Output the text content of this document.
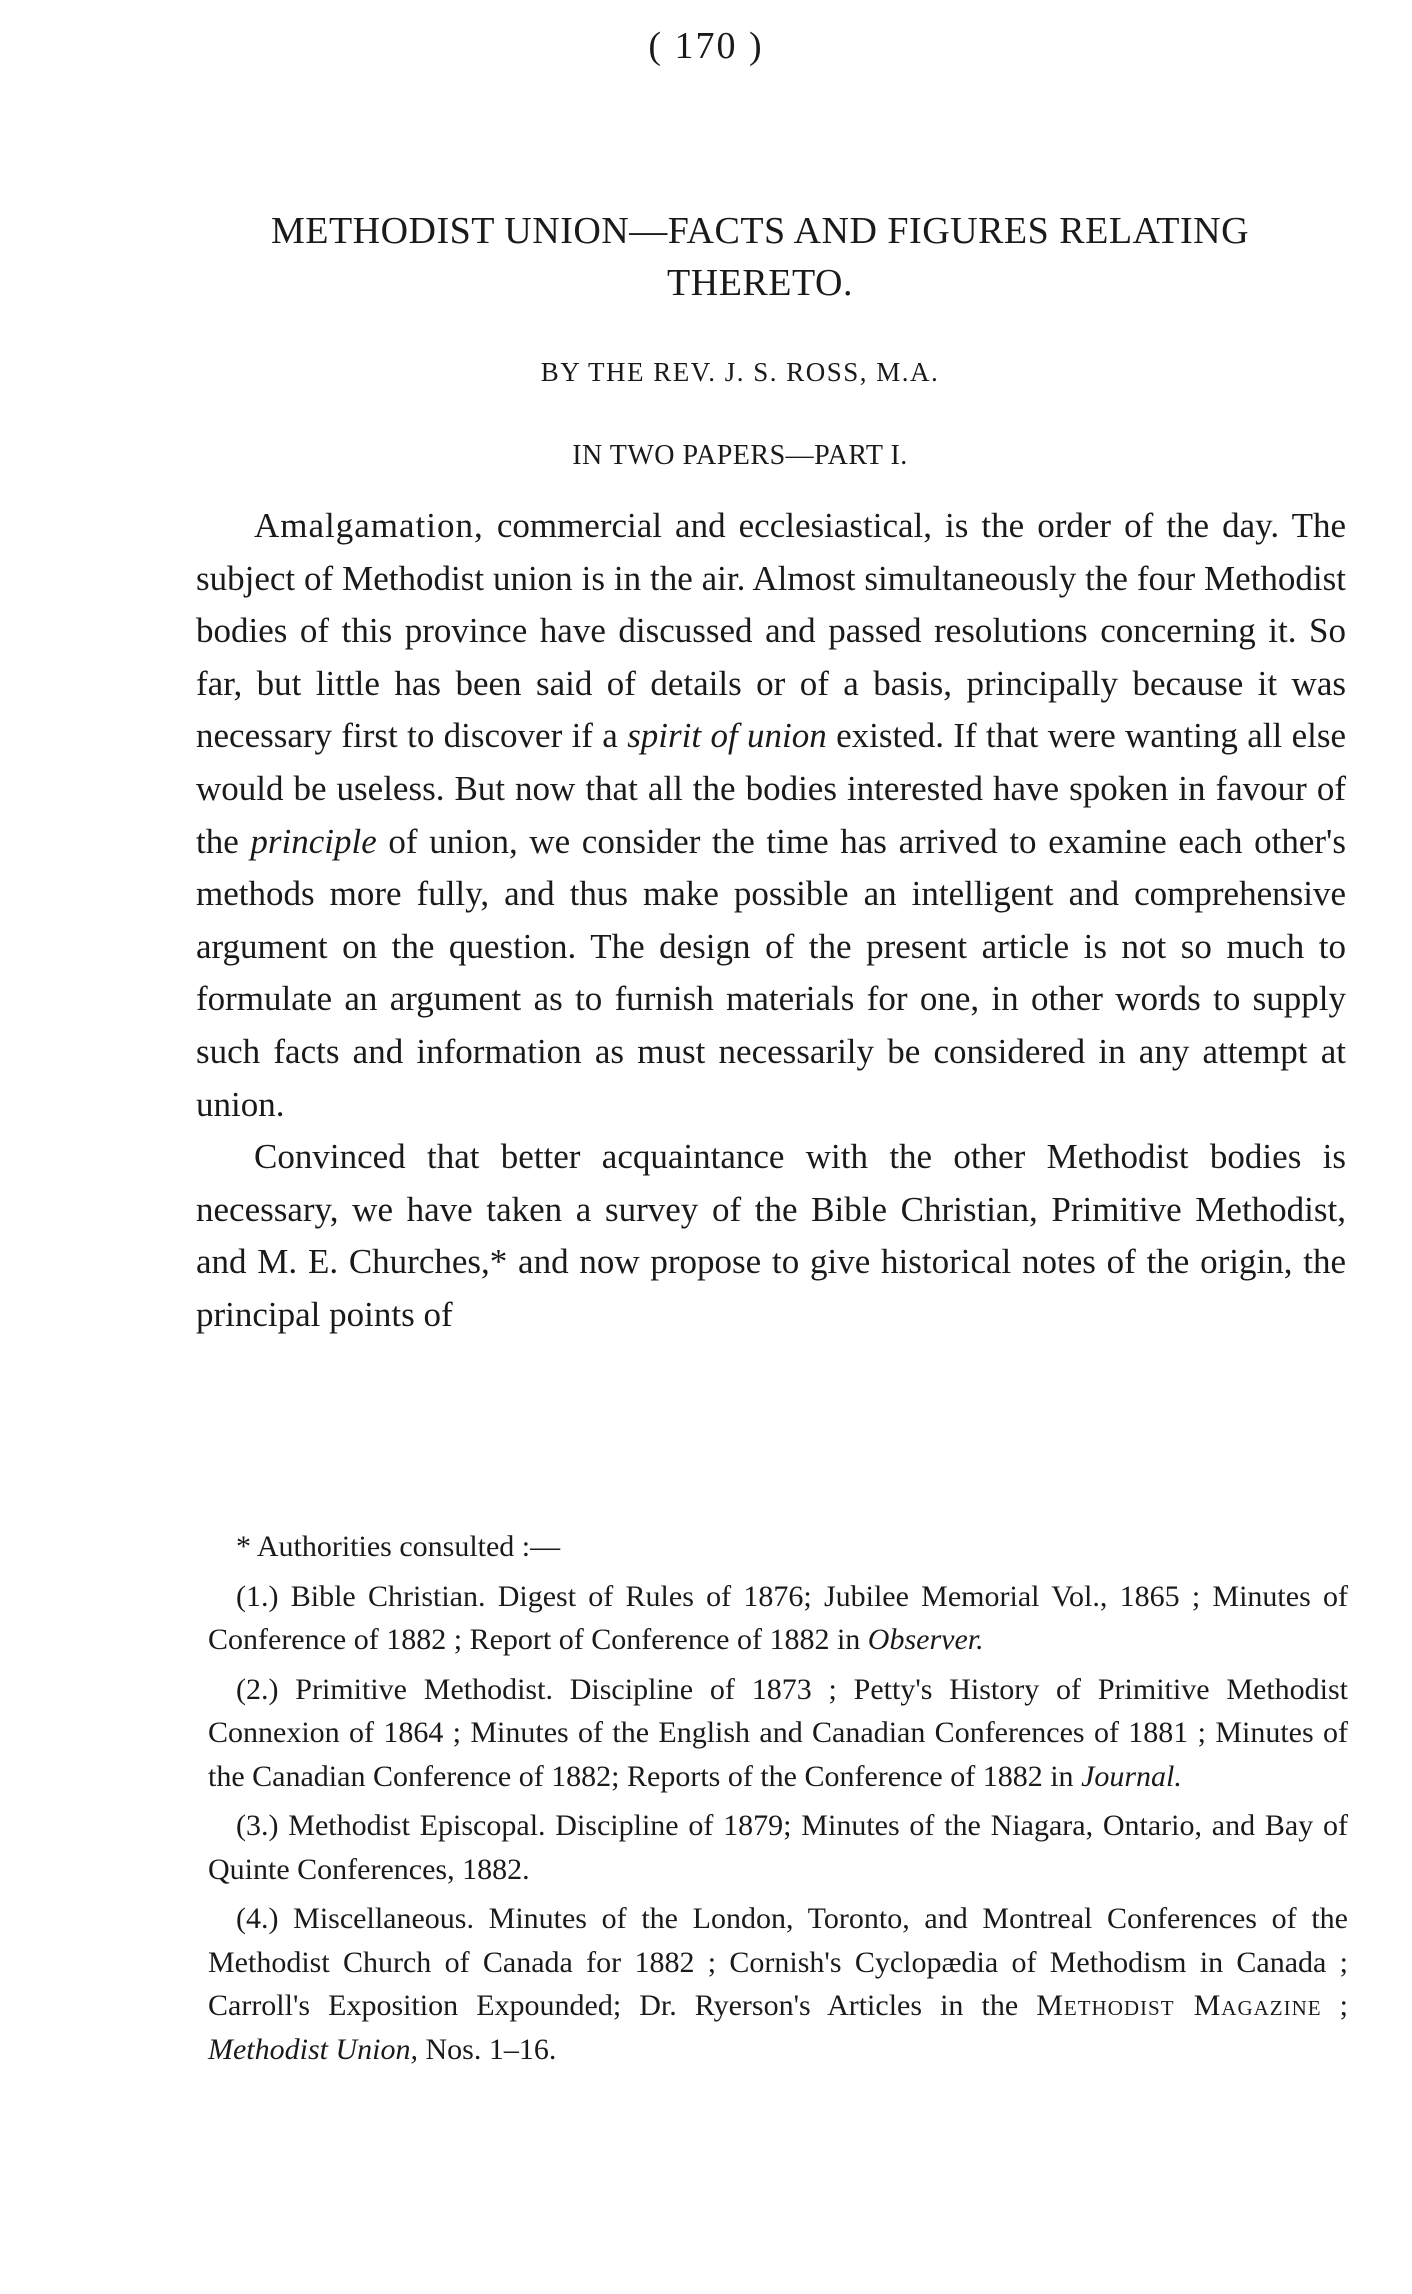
( 170 )
METHODIST UNION—FACTS AND FIGURES RELATING
THERETO.
BY THE REV. J. S. ROSS, M.A.
IN TWO PAPERS—PART I.

Amalgamation, commercial and ecclesiastical, is the order of the day. The subject of Methodist union is in the air. Almost simultaneously the four Methodist bodies of this province have discussed and passed resolutions concerning it. So far, but little has been said of details or of a basis, principally because it was necessary first to discover if a spirit of union existed. If that were wanting all else would be useless. But now that all the bodies interested have spoken in favour of the principle of union, we consider the time has arrived to examine each other's methods more fully, and thus make possible an intelligent and comprehensive argument on the question. The design of the present article is not so much to formulate an argument as to furnish materials for one, in other words to supply such facts and information as must necessarily be considered in any attempt at union.

Convinced that better acquaintance with the other Methodist bodies is necessary, we have taken a survey of the Bible Christian, Primitive Methodist, and M. E. Churches,* and now propose to give historical notes of the origin, the principal points of

* Authorities consulted :—

(1.) Bible Christian. Digest of Rules of 1876; Jubilee Memorial Vol., 1865 ; Minutes of Conference of 1882 ; Report of Conference of 1882 in Observer.

(2.) Primitive Methodist. Discipline of 1873 ; Petty's History of Primitive Methodist Connexion of 1864 ; Minutes of the English and Canadian Conferences of 1881 ; Minutes of the Canadian Conference of 1882; Reports of the Conference of 1882 in Journal.

(3.) Methodist Episcopal. Discipline of 1879; Minutes of the Niagara, Ontario, and Bay of Quinte Conferences, 1882.

(4.) Miscellaneous. Minutes of the London, Toronto, and Montreal Conferences of the Methodist Church of Canada for 1882 ; Cornish's Cyclopædia of Methodism in Canada ; Carroll's Exposition Expounded; Dr. Ryerson's Articles in the Methodist Magazine ; Methodist Union, Nos. 1–16.
